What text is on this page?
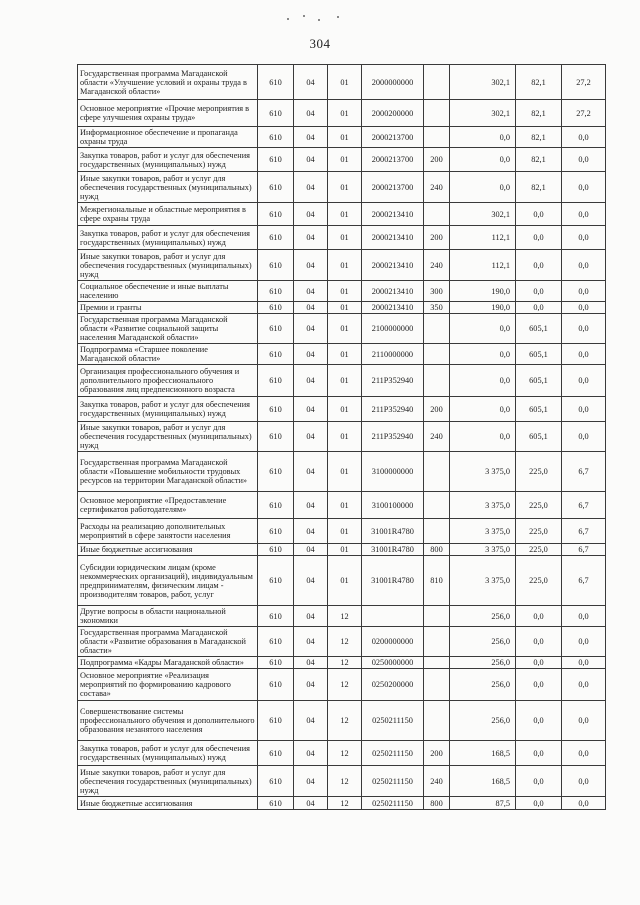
304
Государственная программа Магаданской области «Улучшение условий и охраны труда в Магаданской области»	610	04	01	2000000000		302,1	82,1	27,2
Основное мероприятие «Прочие мероприятия в сфере улучшения охраны труда»	610	04	01	2000200000		302,1	82,1	27,2
Информационное обеспечение и пропаганда охраны труда	610	04	01	2000213700		0,0	82,1	0,0
Закупка товаров, работ и услуг для обеспечения государственных (муниципальных) нужд	610	04	01	2000213700	200	0,0	82,1	0,0
Иные закупки товаров, работ и услуг для обеспечения государственных (муниципальных) нужд	610	04	01	2000213700	240	0,0	82,1	0,0
Межрегиональные и областные мероприятия в сфере охраны труда	610	04	01	2000213410		302,1	0,0	0,0
Закупка товаров, работ и услуг для обеспечения государственных (муниципальных) нужд	610	04	01	2000213410	200	112,1	0,0	0,0
Иные закупки товаров, работ и услуг для обеспечения государственных (муниципальных) нужд	610	04	01	2000213410	240	112,1	0,0	0,0
Социальное обеспечение и иные выплаты населению	610	04	01	2000213410	300	190,0	0,0	0,0
Премии и гранты	610	04	01	2000213410	350	190,0	0,0	0,0
Государственная программа Магаданской области «Развитие социальной защиты населения Магаданской области»	610	04	01	2100000000		0,0	605,1	0,0
Подпрограмма «Старшее поколение Магаданской области»	610	04	01	2110000000		0,0	605,1	0,0
Организация профессионального обучения и дополнительного профессионального образования лиц предпенсионного возраста	610	04	01	211P352940		0,0	605,1	0,0
Закупка товаров, работ и услуг для обеспечения государственных (муниципальных) нужд	610	04	01	211P352940	200	0,0	605,1	0,0
Иные закупки товаров, работ и услуг для обеспечения государственных (муниципальных) нужд	610	04	01	211P352940	240	0,0	605,1	0,0
Государственная программа Магаданской области «Повышение мобильности трудовых ресурсов на территории Магаданской области»	610	04	01	3100000000		3 375,0	225,0	6,7
Основное мероприятие «Предоставление сертификатов работодателям»	610	04	01	3100100000		3 375,0	225,0	6,7
Расходы на реализацию дополнительных мероприятий в сфере занятости населения	610	04	01	31001R4780		3 375,0	225,0	6,7
Иные бюджетные ассигнования	610	04	01	31001R4780	800	3 375,0	225,0	6,7
Субсидии юридическим лицам (кроме некоммерческих организаций), индивидуальным предпринимателям, физическим лицам - производителям товаров, работ, услуг	610	04	01	31001R4780	810	3 375,0	225,0	6,7
Другие вопросы в области национальной экономики	610	04	12			256,0	0,0	0,0
Государственная программа Магаданской области «Развитие образования в Магаданской области»	610	04	12	0200000000		256,0	0,0	0,0
Подпрограмма «Кадры Магаданской области»	610	04	12	0250000000		256,0	0,0	0,0
Основное мероприятие «Реализация мероприятий по формированию кадрового состава»	610	04	12	0250200000		256,0	0,0	0,0
Совершенствование системы профессионального обучения и дополнительного образования незанятого населения	610	04	12	0250211150		256,0	0,0	0,0
Закупка товаров, работ и услуг для обеспечения государственных (муниципальных) нужд	610	04	12	0250211150	200	168,5	0,0	0,0
Иные закупки товаров, работ и услуг для обеспечения государственных (муниципальных) нужд	610	04	12	0250211150	240	168,5	0,0	0,0
Иные бюджетные ассигнования	610	04	12	0250211150	800	87,5	0,0	0,0
